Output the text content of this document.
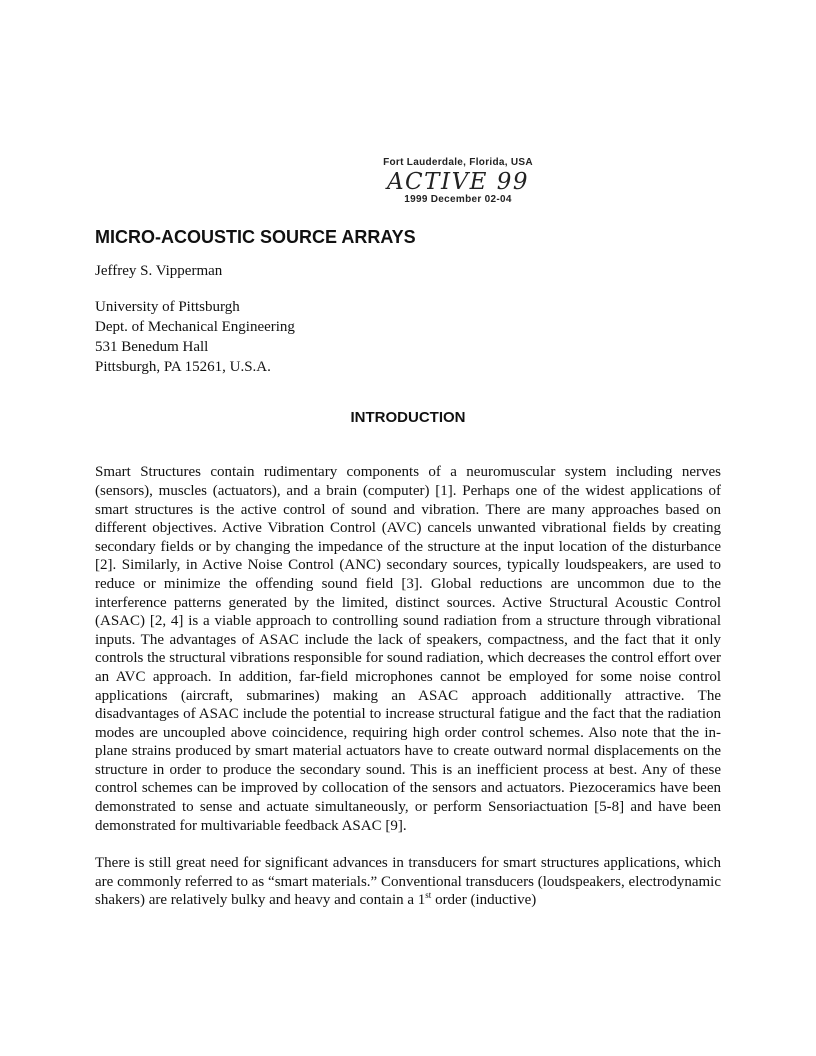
Fort Lauderdale, Florida, USA
ACTIVE 99
1999 December 02-04
MICRO-ACOUSTIC SOURCE ARRAYS
Jeffrey S. Vipperman
University of Pittsburgh
Dept. of Mechanical Engineering
531 Benedum Hall
Pittsburgh, PA 15261, U.S.A.
INTRODUCTION

Smart Structures contain rudimentary components of a neuromuscular system including nerves (sensors), muscles (actuators), and a brain (computer) [1]. Perhaps one of the widest applications of smart structures is the active control of sound and vibration. There are many approaches based on different objectives. Active Vibration Control (AVC) cancels unwanted vibrational fields by creating secondary fields or by changing the impedance of the structure at the input location of the disturbance [2]. Similarly, in Active Noise Control (ANC) secondary sources, typically loudspeakers, are used to reduce or minimize the offending sound field [3]. Global reductions are uncommon due to the interference patterns generated by the limited, distinct sources. Active Structural Acoustic Control (ASAC) [2, 4] is a viable approach to controlling sound radiation from a structure through vibrational inputs. The advantages of ASAC include the lack of speakers, compactness, and the fact that it only controls the structural vibrations responsible for sound radiation, which decreases the control effort over an AVC approach. In addition, far-field microphones cannot be employed for some noise control applications (aircraft, submarines) making an ASAC approach additionally attractive. The disadvantages of ASAC include the potential to increase structural fatigue and the fact that the radiation modes are uncoupled above coincidence, requiring high order control schemes. Also note that the in-plane strains produced by smart material actuators have to create outward normal displacements on the structure in order to produce the secondary sound. This is an inefficient process at best. Any of these control schemes can be improved by collocation of the sensors and actuators. Piezoceramics have been demonstrated to sense and actuate simultaneously, or perform Sensoriactuation [5-8] and have been demonstrated for multivariable feedback ASAC [9].

There is still great need for significant advances in transducers for smart structures applications, which are commonly referred to as “smart materials.” Conventional transducers (loudspeakers, electrodynamic shakers) are relatively bulky and heavy and contain a 1st order (inductive)
